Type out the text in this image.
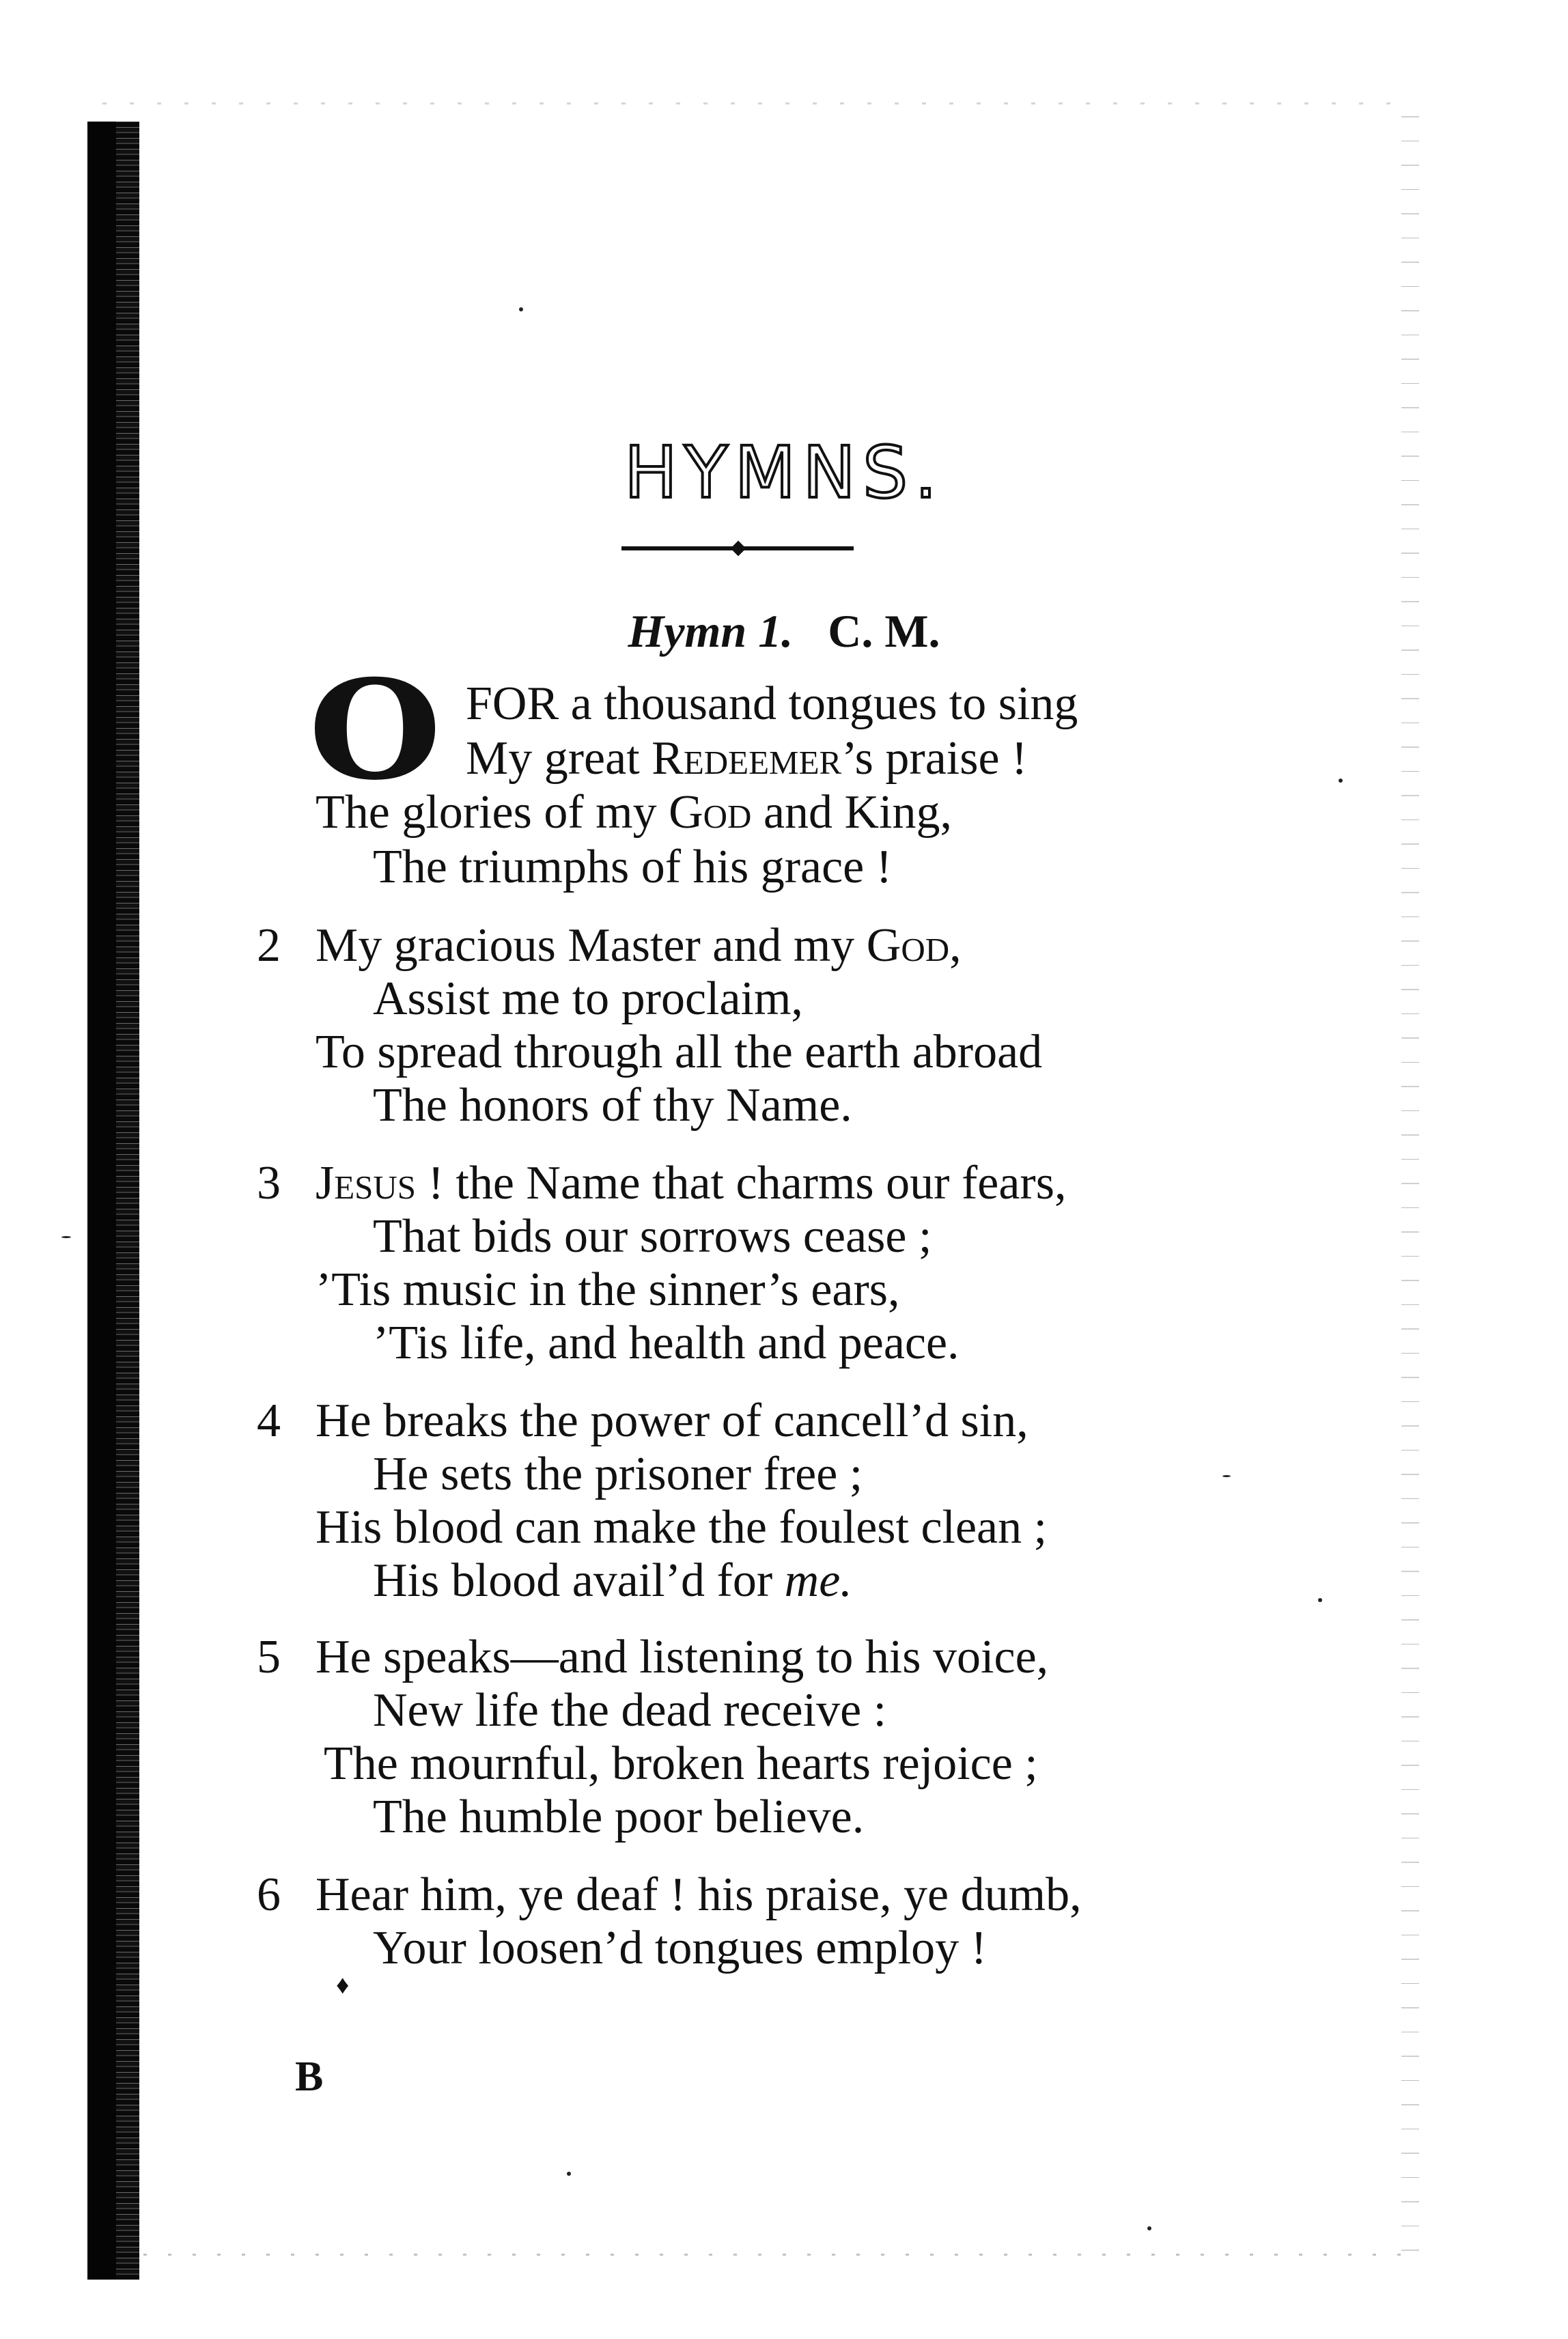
HYMNS.
Hymn 1. C. M.
O FOR a thousand tongues to sing
My great Redeemer’s praise !
The glories of my God and King,
The triumphs of his grace !
2 My gracious Master and my God,
Assist me to proclaim,
To spread through all the earth abroad
The honors of thy Name.
3 Jesus ! the Name that charms our fears,
That bids our sorrows cease ;
’Tis music in the sinner’s ears,
’Tis life, and health and peace.
4 He breaks the power of cancell’d sin,
He sets the prisoner free ;
His blood can make the foulest clean ;
His blood avail’d for me.
5 He speaks—and listening to his voice,
New life the dead receive :
The mournful, broken hearts rejoice ;
The humble poor believe.
6 Hear him, ye deaf ! his praise, ye dumb,
Your loosen’d tongues employ !
♦
B
